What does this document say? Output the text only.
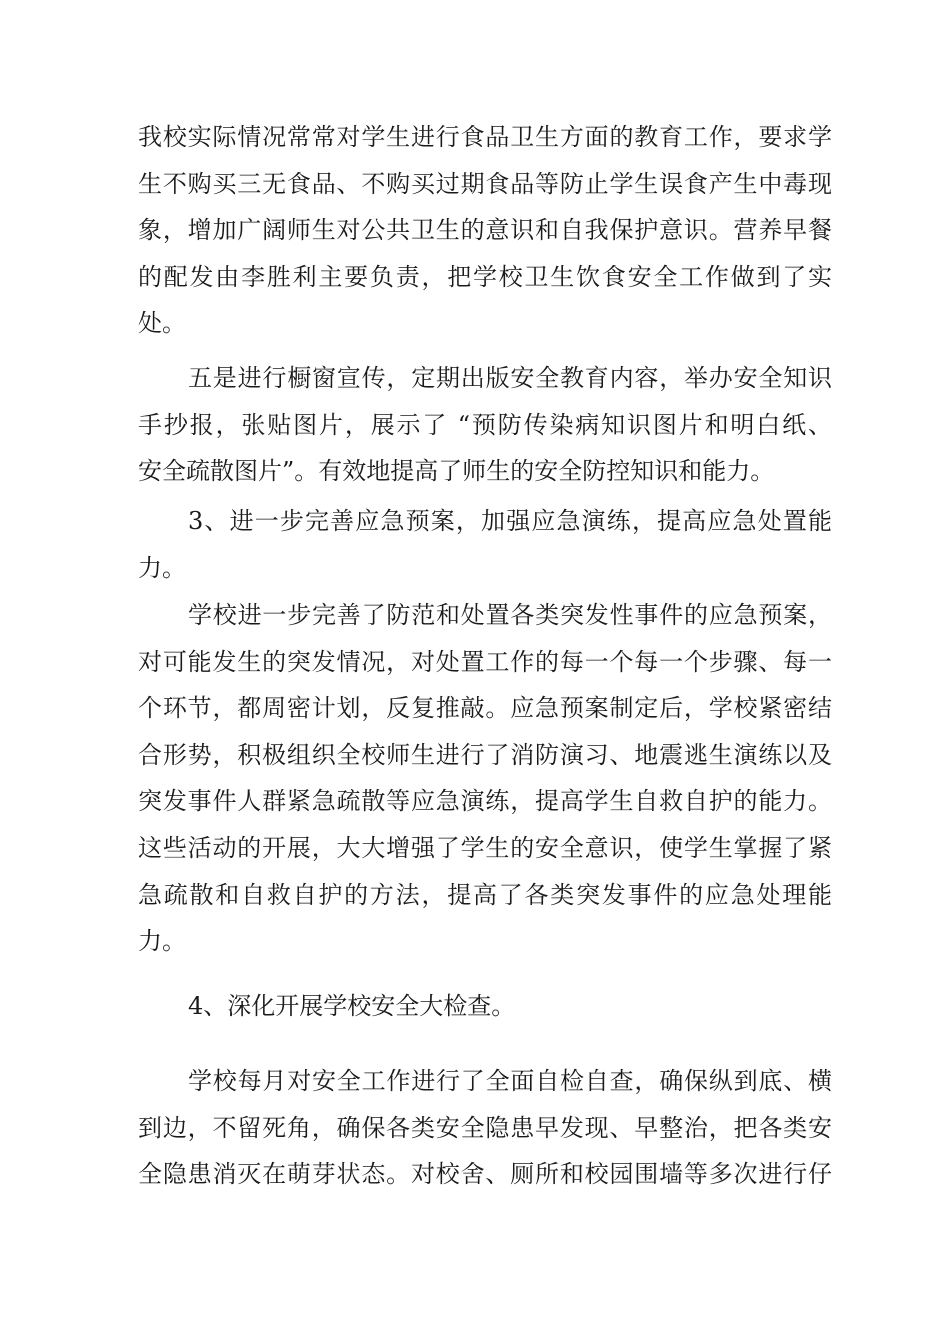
我校实际情况常常对学生进行食品卫生方面的教育工作，要求学
生不购买三无食品、不购买过期食品等防止学生误食产生中毒现
象，增加广阔师生对公共卫生的意识和自我保护意识。营养早餐
的配发由李胜利主要负责，把学校卫生饮食安全工作做到了实
处。
五是进行橱窗宣传，定期出版安全教育内容，举办安全知识
手抄报，张贴图片，展示了 “预防传染病知识图片和明白纸、
安全疏散图片”。有效地提高了师生的安全防控知识和能力。
3、进一步完善应急预案，加强应急演练，提高应急处置能
力。
学校进一步完善了防范和处置各类突发性事件的应急预案，
对可能发生的突发情况，对处置工作的每一个每一个步骤、每一
个环节，都周密计划，反复推敲。应急预案制定后，学校紧密结
合形势，积极组织全校师生进行了消防演习、地震逃生演练以及
突发事件人群紧急疏散等应急演练，提高学生自救自护的能力。
这些活动的开展，大大增强了学生的安全意识，使学生掌握了紧
急疏散和自救自护的方法，提高了各类突发事件的应急处理能
力。
4、深化开展学校安全大检查。
学校每月对安全工作进行了全面自检自查，确保纵到底、横
到边，不留死角，确保各类安全隐患早发现、早整治，把各类安
全隐患消灭在萌芽状态。对校舍、厕所和校园围墙等多次进行仔
